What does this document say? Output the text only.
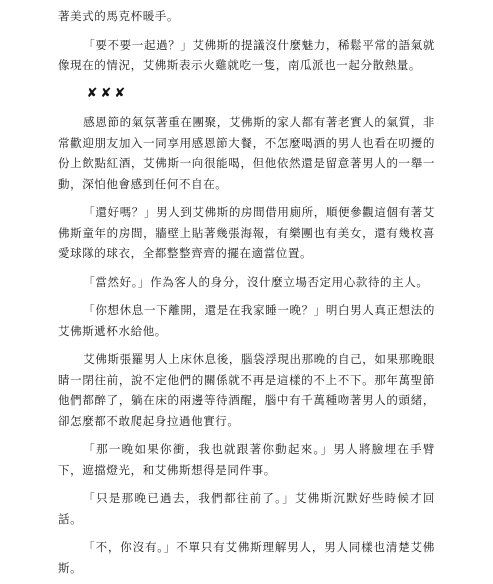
著美式的馬克杯暖手。

「要不要一起過？」艾佛斯的提議沒什麼魅力，稀鬆平常的語氣就像現在的情況，艾佛斯表示火雞就吃一隻，南瓜派也一起分散熱量。

✘✘✘

感恩節的氣氛著重在團聚，艾佛斯的家人都有著老實人的氣質，非常歡迎朋友加入一同享用感恩節大餐，不怎麼喝酒的男人也看在叨擾的份上飲點紅酒，艾佛斯一向很能喝，但他依然還是留意著男人的一舉一動，深怕他會感到任何不自在。

「還好嗎？」男人到艾佛斯的房間借用廁所，順便參觀這個有著艾佛斯童年的房間，牆壁上貼著幾張海報，有樂團也有美女，還有幾枚喜愛球隊的球衣，全都整整齊齊的擺在適當位置。

「當然好。」作為客人的身分，沒什麼立場否定用心款待的主人。

「你想休息一下離開，還是在我家睡一晚？」明白男人真正想法的艾佛斯遞杯水給他。

艾佛斯張羅男人上床休息後，腦袋浮現出那晚的自己，如果那晚眼睛一閉往前，說不定他們的關係就不再是這樣的不上不下。那年萬聖節他們都醉了，躺在床的兩邊等待酒醒，腦中有千萬種吻著男人的頭緒，卻怎麼都不敢爬起身拉過他實行。

「那一晚如果你衝，我也就跟著你動起來。」男人將臉埋在手臂下，遮擋燈光，和艾佛斯想得是同件事。

「只是那晚已過去，我們都往前了。」艾佛斯沉默好些時候才回話。

「不，你沒有。」不單只有艾佛斯理解男人，男人同樣也清楚艾佛斯。
